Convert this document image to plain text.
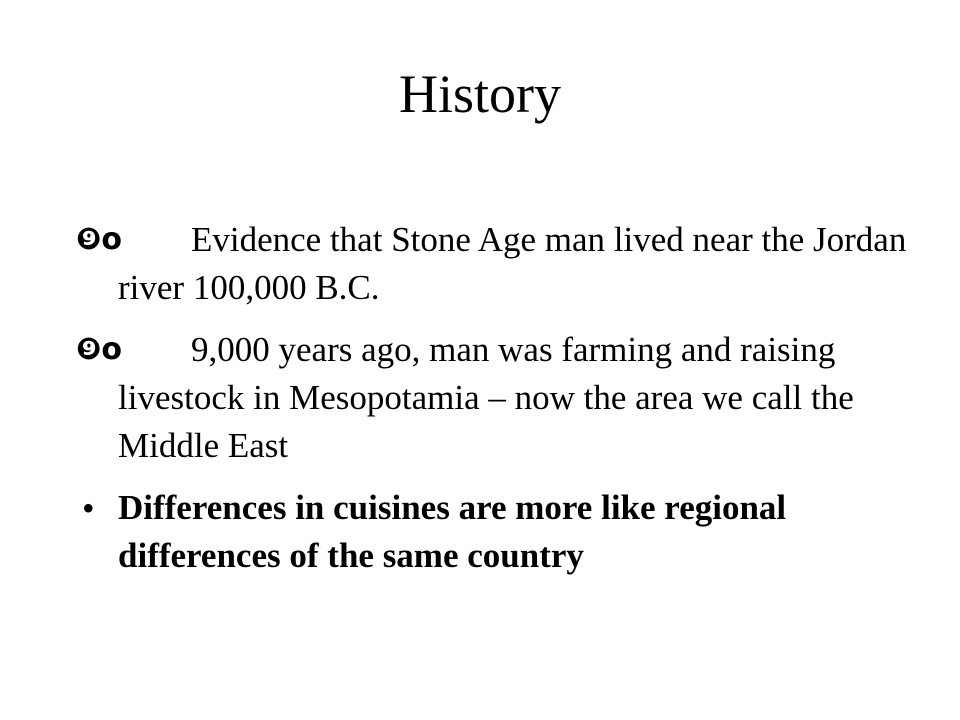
History
❾o	Evidence that Stone Age man lived near the Jordan river 100,000 B.C.
❾o	9,000 years ago, man was farming and raising livestock in Mesopotamia – now the area we call the Middle East
• Differences in cuisines are more like regional differences of the same country
